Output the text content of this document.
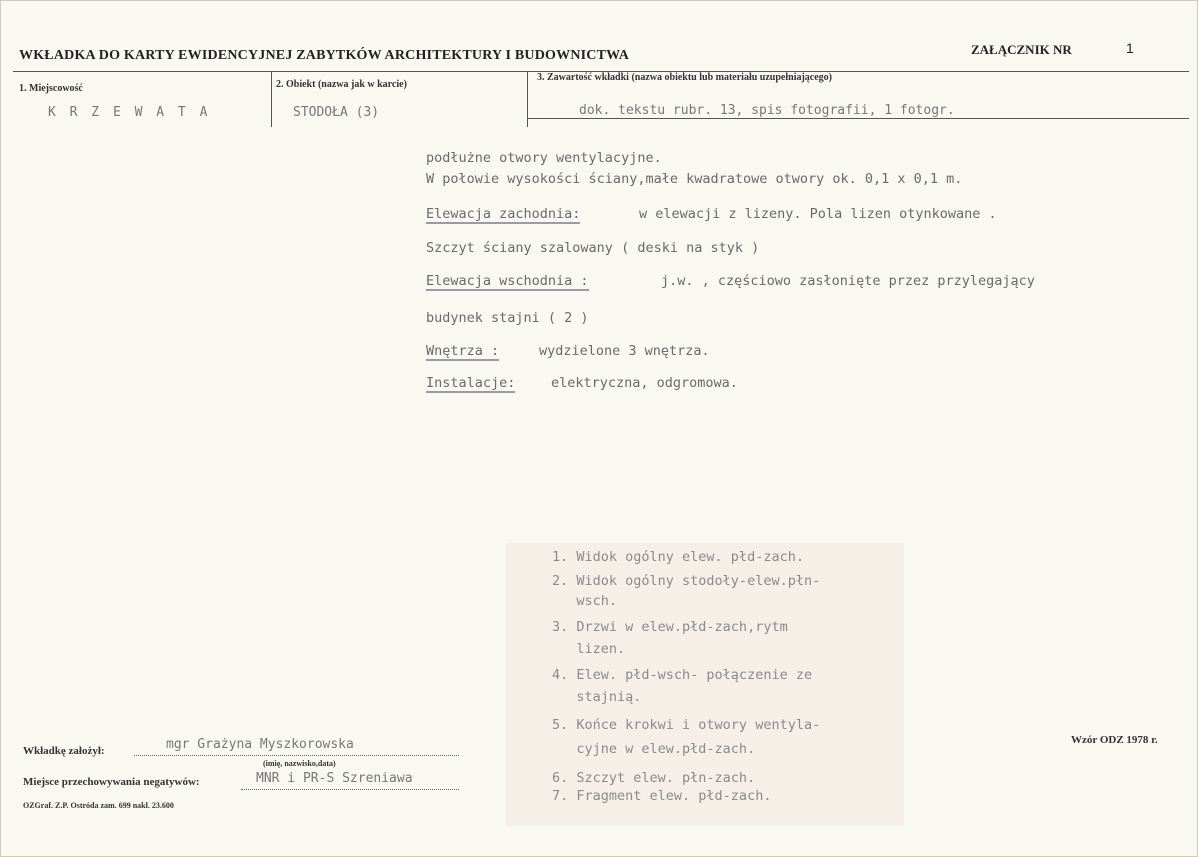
WKŁADKA DO KARTY EWIDENCYJNEJ ZABYTKÓW ARCHITEKTURY I BUDOWNICTWA	ZAŁĄCZNIK NR	1
1. Miejscowość	2. Obiekt (nazwa jak w karcie)
3. Zawartość wkładki (nazwa obiektu lub materiału uzupełniającego)
K R Z E W A T A	STODOŁA (3)	dok. tekstu rubr. 13, spis fotografii, 1 fotogr.
podłużne otwory wentylacyjne.
W połowie wysokości ściany,małe kwadratowe otwory ok. 0,1 x 0,1 m.
Elewacja zachodnia:	w elewacji z lizeny. Pola lizen otynkowane .
Szczyt ściany szalowany ( deski na styk )
Elewacja wschodnia :	j.w. , częściowo zasłonięte przez przylegający
budynek stajni ( 2 )
Wnętrza :	wydzielone 3 wnętrza.
Instalacje:	elektryczna, odgromowa.
1. Widok ogólny elew. płd-zach.
2. Widok ogólny stodoły-elew.płn-
wsch.
3. Drzwi w elew.płd-zach,rytm
lizen.
4. Elew. płd-wsch- połączenie ze
stajnią.
5. Końce krokwi i otwory wentyla-
cyjne w elew.płd-zach.
6. Szczyt elew. płn-zach.
7. Fragment elew. płd-zach.
Wkładkę założył:	mgr Grażyna Myszkorowska
(imię, nazwisko,data)
Miejsce przechowywania negatywów:	MNR i PR-S Szreniawa
OZGraf. Z.P. Ostróda zam. 699 nakł. 23.600
Wzór ODZ 1978 r.
